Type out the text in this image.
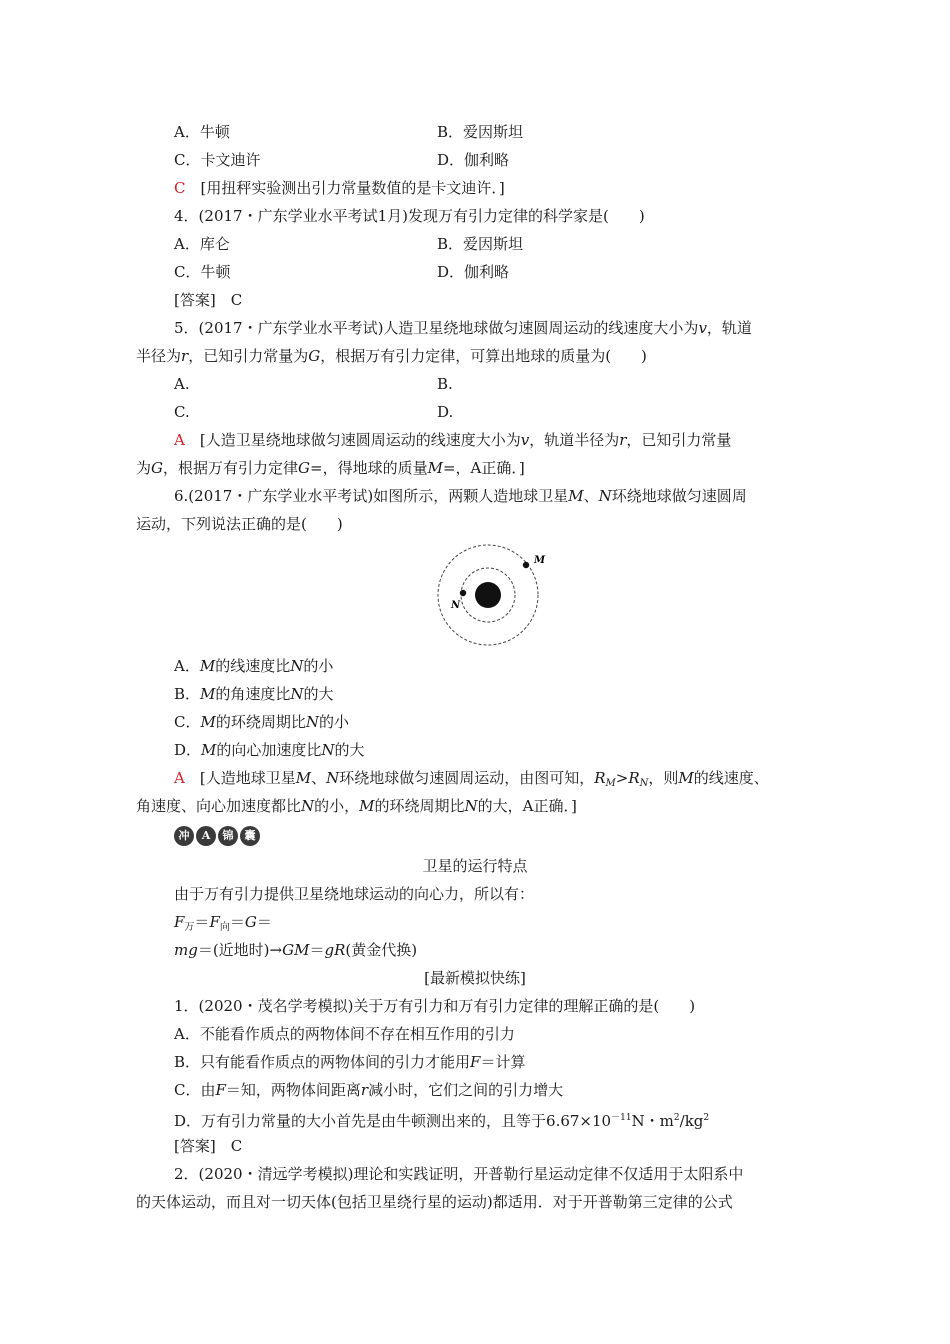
A．牛顿	B．爱因斯坦
C．卡文迪许	D．伽利略
C　 [用扭秤实验测出引力常量数值的是卡文迪许．]
4．(2017・广东学业水平考试1月)发现万有引力定律的科学家是(　　)
A．库仑	B．爱因斯坦
C．牛顿	D．伽利略
[答案]　C
5．(2017・广东学业水平考试)人造卫星绕地球做匀速圆周运动的线速度大小为v，轨道
半径为r，已知引力常量为G，根据万有引力定律，可算出地球的质量为(　　)
A.	B.
C.	D.
A　 [人造卫星绕地球做匀速圆周运动的线速度大小为v，轨道半径为r，已知引力常量
为G，根据万有引力定律G=，得地球的质量M=，A正确．]
6.(2017・广东学业水平考试)如图所示，两颗人造地球卫星M、N环绕地球做匀速圆周
运动，下列说法正确的是(　　)
M
N
A．M的线速度比N的小
B．M的角速度比N的大
C．M的环绕周期比N的小
D．M的向心加速度比N的大
A　 [人造地球卫星M、N环绕地球做匀速圆周运动，由图可知，$R_M>R_N$，则M的线速度、
角速度、向心加速度都比N的小，M的环绕周期比N的大，A正确．]
冲	A	锦	囊
卫星的运行特点
由于万有引力提供卫星绕地球运动的向心力，所以有：
$F_万=F_向=G=$
mg＝(近地时)→GM＝gR(黄金代换)
[最新模拟快练]
1．(2020・茂名学考模拟)关于万有引力和万有引力定律的理解正确的是(　　)
A．不能看作质点的两物体间不存在相互作用的引力
B．只有能看作质点的两物体间的引力才能用F＝计算
C．由F＝知，两物体间距离r减小时，它们之间的引力增大
D．万有引力常量的大小首先是由牛顿测出来的，且等于$6.67\times 10^{-11}N$・$m^2/kg^2$
[答案]　C
2．(2020・清远学考模拟)理论和实践证明，开普勒行星运动定律不仅适用于太阳系中
的天体运动，而且对一切天体(包括卫星绕行星的运动)都适用．对于开普勒第三定律的公式
